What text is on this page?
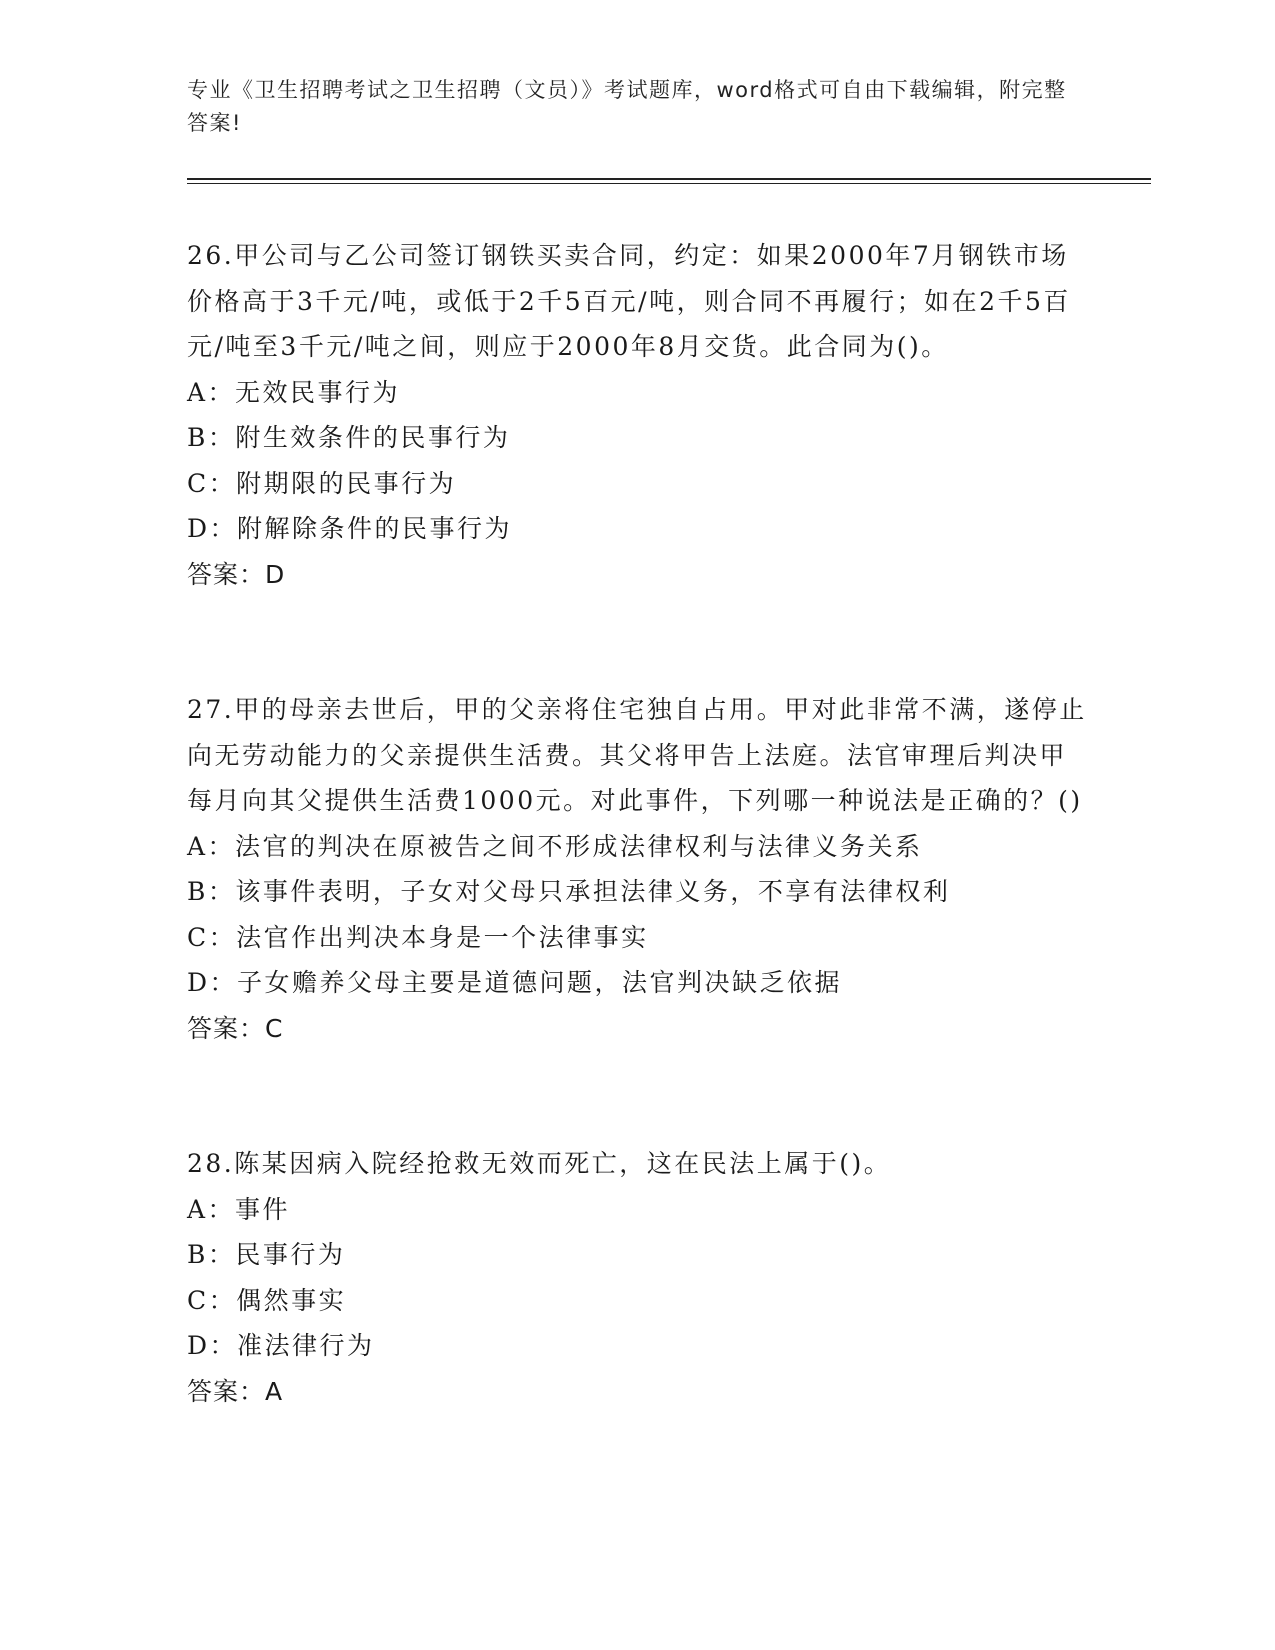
专业《卫生招聘考试之卫生招聘（文员）》考试题库，word格式可自由下载编辑，附完整答案!

26.甲公司与乙公司签订钢铁买卖合同，约定：如果2000年7月钢铁市场价格高于3千元/吨，或低于2千5百元/吨，则合同不再履行；如在2千5百元/吨至3千元/吨之间，则应于2000年8月交货。此合同为()。

A：无效民事行为

B：附生效条件的民事行为

C：附期限的民事行为

D：附解除条件的民事行为

答案：D

27.甲的母亲去世后，甲的父亲将住宅独自占用。甲对此非常不满，遂停止向无劳动能力的父亲提供生活费。其父将甲告上法庭。法官审理后判决甲每月向其父提供生活费1000元。对此事件，下列哪一种说法是正确的？()

A：法官的判决在原被告之间不形成法律权利与法律义务关系

B：该事件表明，子女对父母只承担法律义务，不享有法律权利

C：法官作出判决本身是一个法律事实

D：子女赡养父母主要是道德问题，法官判决缺乏依据

答案：C

28.陈某因病入院经抢救无效而死亡，这在民法上属于()。

A：事件

B：民事行为

C：偶然事实

D：准法律行为

答案：A
